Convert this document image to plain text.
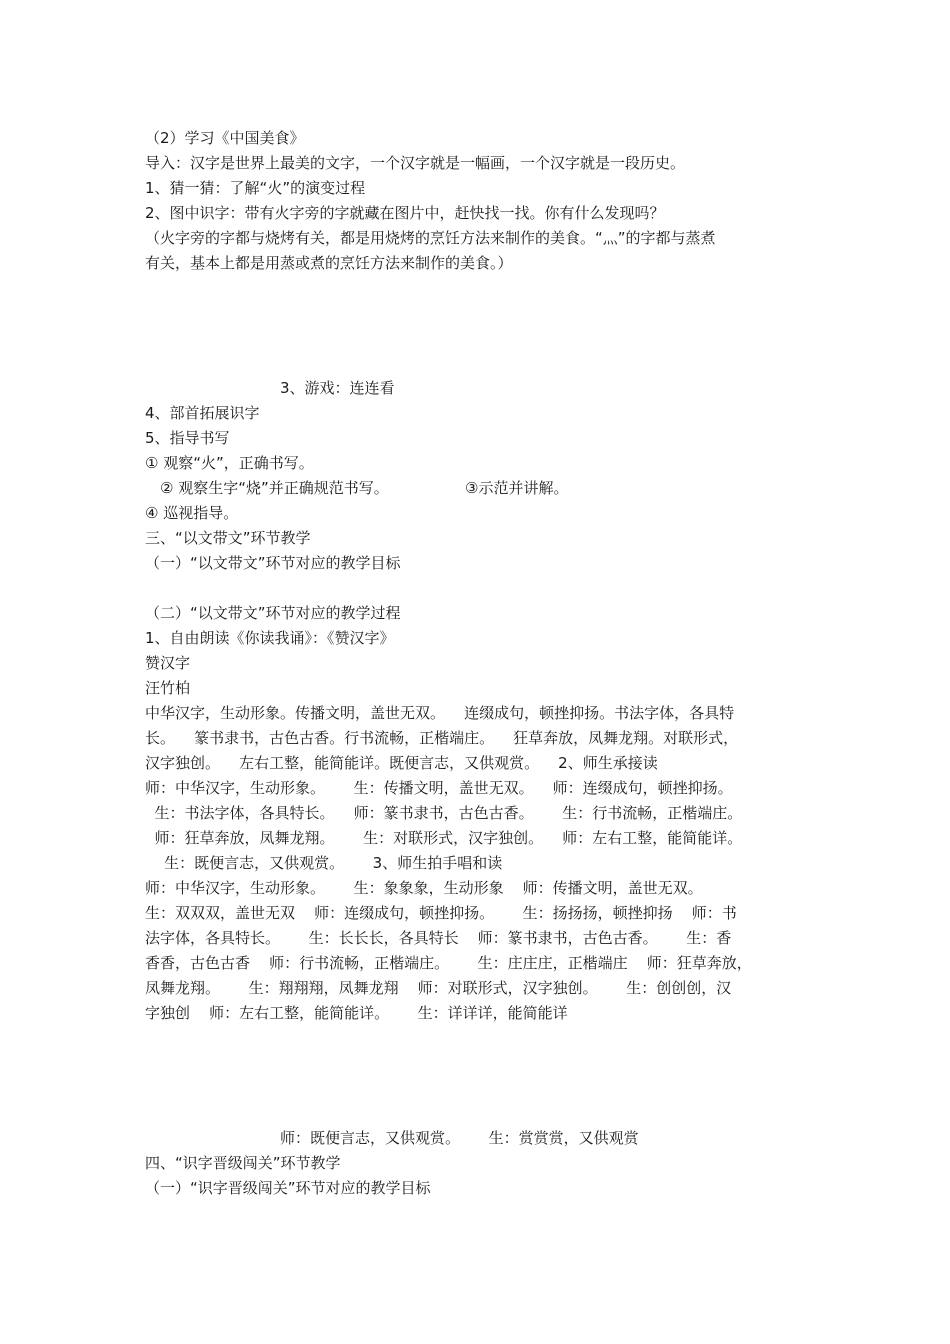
（2）学习《中国美食》
导入：汉字是世界上最美的文字，一个汉字就是一幅画，一个汉字就是一段历史。
1、猜一猜：了解“火”的演变过程
2、图中识字：带有火字旁的字就藏在图片中，赶快找一找。你有什么发现吗？
（火字旁的字都与烧烤有关，都是用烧烤的烹饪方法来制作的美食。“灬”的字都与蒸煮
有关，基本上都是用蒸或煮的烹饪方法来制作的美食。）
3、游戏：连连看
4、部首拓展识字
5、指导书写
① 观察“火”，正确书写。
② 观察生字“烧”并正确规范书写。                ③示范并讲解。
④ 巡视指导。
三、“以文带文”环节教学
（一）“以文带文”环节对应的教学目标
（二）“以文带文”环节对应的教学过程
1、自由朗读《你读我诵》：《赞汉字》
赞汉字
汪竹柏
中华汉字，生动形象。传播文明，盖世无双。    连缀成句，顿挫抑扬。书法字体，各具特
长。    篆书隶书，古色古香。行书流畅，正楷端庄。    狂草奔放，凤舞龙翔。对联形式，
汉字独创。    左右工整，能简能详。既便言志，又供观赏。    2、师生承接读
师：中华汉字，生动形象。      生：传播文明，盖世无双。    师：连缀成句，顿挫抑扬。
生：书法字体，各具特长。    师：篆书隶书，古色古香。      生：行书流畅，正楷端庄。
师：狂草奔放，凤舞龙翔。      生：对联形式，汉字独创。    师：左右工整，能简能详。
生：既便言志，又供观赏。      3、师生拍手唱和读
师：中华汉字，生动形象。      生：象象象，生动形象    师：传播文明，盖世无双。
生：双双双，盖世无双    师：连缀成句，顿挫抑扬。      生：扬扬扬，顿挫抑扬    师：书
法字体，各具特长。      生：长长长，各具特长    师：篆书隶书，古色古香。      生：香
香香，古色古香    师：行书流畅，正楷端庄。      生：庄庄庄，正楷端庄    师：狂草奔放，
凤舞龙翔。      生：翔翔翔，凤舞龙翔    师：对联形式，汉字独创。      生：创创创，汉
字独创    师：左右工整，能简能详。      生：详详详，能简能详
师：既便言志，又供观赏。      生：赏赏赏，又供观赏
四、“识字晋级闯关”环节教学
（一）“识字晋级闯关”环节对应的教学目标
